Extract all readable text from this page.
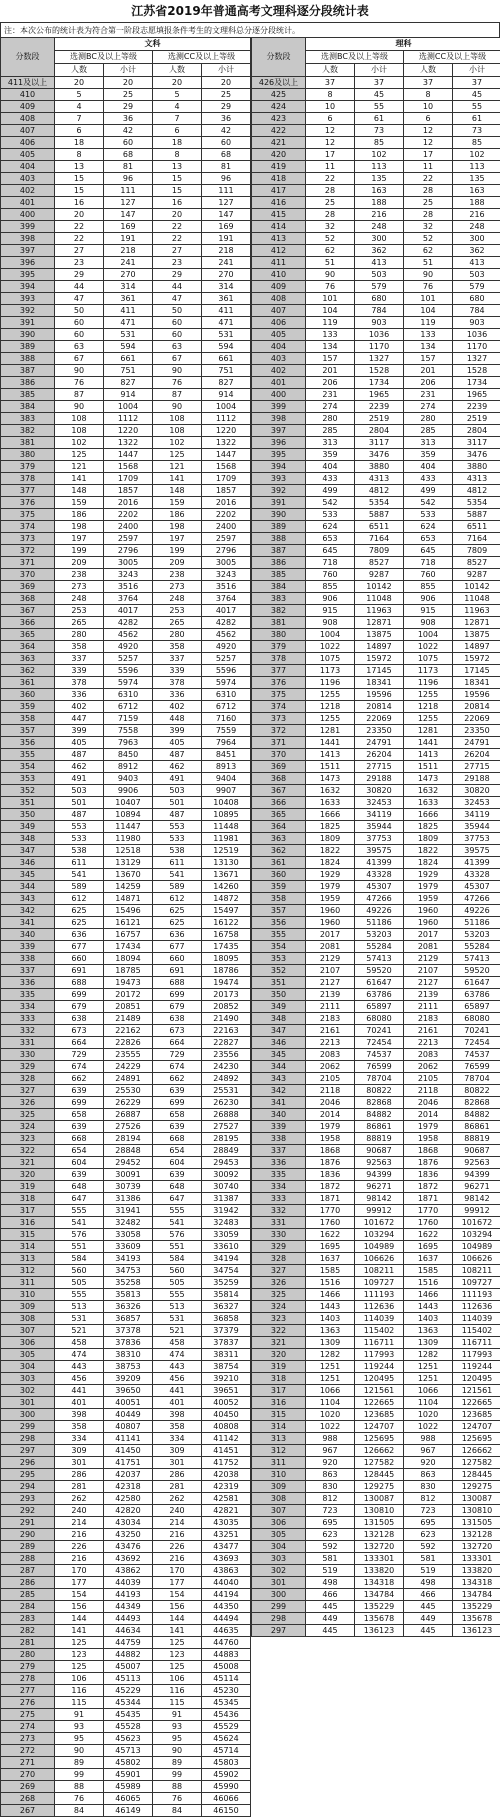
江苏省2019年普通高考文理科逐分段统计表
注：本次公布的统计表为符合第一阶段志愿填报条件考生的文理科总分逐分段统计。
分数段	文科			
	选测BC及以上等级		选测CC及以上等级	
	人数	小计	人数	小计
411及以上	20	20	20	20
410	5	25	5	25
409	4	29	4	29
408	7	36	7	36
407	6	42	6	42
406	18	60	18	60
405	8	68	8	68
404	13	81	13	81
403	15	96	15	96
402	15	111	15	111
401	16	127	16	127
400	20	147	20	147
399	22	169	22	169
398	22	191	22	191
397	27	218	27	218
396	23	241	23	241
395	29	270	29	270
394	44	314	44	314
393	47	361	47	361
392	50	411	50	411
391	60	471	60	471
390	60	531	60	531
389	63	594	63	594
388	67	661	67	661
387	90	751	90	751
386	76	827	76	827
385	87	914	87	914
384	90	1004	90	1004
383	108	1112	108	1112
382	108	1220	108	1220
381	102	1322	102	1322
380	125	1447	125	1447
379	121	1568	121	1568
378	141	1709	141	1709
377	148	1857	148	1857
376	159	2016	159	2016
375	186	2202	186	2202
374	198	2400	198	2400
373	197	2597	197	2597
372	199	2796	199	2796
371	209	3005	209	3005
370	238	3243	238	3243
369	273	3516	273	3516
368	248	3764	248	3764
367	253	4017	253	4017
366	265	4282	265	4282
365	280	4562	280	4562
364	358	4920	358	4920
363	337	5257	337	5257
362	339	5596	339	5596
361	378	5974	378	5974
360	336	6310	336	6310
359	402	6712	402	6712
358	447	7159	448	7160
357	399	7558	399	7559
356	405	7963	405	7964
355	487	8450	487	8451
354	462	8912	462	8913
353	491	9403	491	9404
352	503	9906	503	9907
351	501	10407	501	10408
350	487	10894	487	10895
349	553	11447	553	11448
348	533	11980	533	11981
347	538	12518	538	12519
346	611	13129	611	13130
345	541	13670	541	13671
344	589	14259	589	14260
343	612	14871	612	14872
342	625	15496	625	15497
341	625	16121	625	16122
340	636	16757	636	16758
339	677	17434	677	17435
338	660	18094	660	18095
337	691	18785	691	18786
336	688	19473	688	19474
335	699	20172	699	20173
334	679	20851	679	20852
333	638	21489	638	21490
332	673	22162	673	22163
331	664	22826	664	22827
330	729	23555	729	23556
329	674	24229	674	24230
328	662	24891	662	24892
327	639	25530	639	25531
326	699	26229	699	26230
325	658	26887	658	26888
324	639	27526	639	27527
323	668	28194	668	28195
322	654	28848	654	28849
321	604	29452	604	29453
320	639	30091	639	30092
319	648	30739	648	30740
318	647	31386	647	31387
317	555	31941	555	31942
316	541	32482	541	32483
315	576	33058	576	33059
314	551	33609	551	33610
313	584	34193	584	34194
312	560	34753	560	34754
311	505	35258	505	35259
310	555	35813	555	35814
309	513	36326	513	36327
308	531	36857	531	36858
307	521	37378	521	37379
306	458	37836	458	37837
305	474	38310	474	38311
304	443	38753	443	38754
303	456	39209	456	39210
302	441	39650	441	39651
301	401	40051	401	40052
300	398	40449	398	40450
299	358	40807	358	40808
298	334	41141	334	41142
297	309	41450	309	41451
296	301	41751	301	41752
295	286	42037	286	42038
294	281	42318	281	42319
293	262	42580	262	42581
292	240	42820	240	42821
291	214	43034	214	43035
290	216	43250	216	43251
289	226	43476	226	43477
288	216	43692	216	43693
287	170	43862	170	43863
286	177	44039	177	44040
285	154	44193	154	44194
284	156	44349	156	44350
283	144	44493	144	44494
282	141	44634	141	44635
281	125	44759	125	44760
280	123	44882	123	44883
279	125	45007	125	45008
278	106	45113	106	45114
277	116	45229	116	45230
276	115	45344	115	45345
275	91	45435	91	45436
274	93	45528	93	45529
273	95	45623	95	45624
272	90	45713	90	45714
271	89	45802	89	45803
270	99	45901	99	45902
269	88	45989	88	45990
268	76	46065	76	46066
267	84	46149	84	46150
分数段	理科			
	选测BC及以上等级		选测CC及以上等级	
	人数	小计	人数	小计
426及以上	37	37	37	37
425	8	45	8	45
424	10	55	10	55
423	6	61	6	61
422	12	73	12	73
421	12	85	12	85
420	17	102	17	102
419	11	113	11	113
418	22	135	22	135
417	28	163	28	163
416	25	188	25	188
415	28	216	28	216
414	32	248	32	248
413	52	300	52	300
412	62	362	62	362
411	51	413	51	413
410	90	503	90	503
409	76	579	76	579
408	101	680	101	680
407	104	784	104	784
406	119	903	119	903
405	133	1036	133	1036
404	134	1170	134	1170
403	157	1327	157	1327
402	201	1528	201	1528
401	206	1734	206	1734
400	231	1965	231	1965
399	274	2239	274	2239
398	280	2519	280	2519
397	285	2804	285	2804
396	313	3117	313	3117
395	359	3476	359	3476
394	404	3880	404	3880
393	433	4313	433	4313
392	499	4812	499	4812
391	542	5354	542	5354
390	533	5887	533	5887
389	624	6511	624	6511
388	653	7164	653	7164
387	645	7809	645	7809
386	718	8527	718	8527
385	760	9287	760	9287
384	855	10142	855	10142
383	906	11048	906	11048
382	915	11963	915	11963
381	908	12871	908	12871
380	1004	13875	1004	13875
379	1022	14897	1022	14897
378	1075	15972	1075	15972
377	1173	17145	1173	17145
376	1196	18341	1196	18341
375	1255	19596	1255	19596
374	1218	20814	1218	20814
373	1255	22069	1255	22069
372	1281	23350	1281	23350
371	1441	24791	1441	24791
370	1413	26204	1413	26204
369	1511	27715	1511	27715
368	1473	29188	1473	29188
367	1632	30820	1632	30820
366	1633	32453	1633	32453
365	1666	34119	1666	34119
364	1825	35944	1825	35944
363	1809	37753	1809	37753
362	1822	39575	1822	39575
361	1824	41399	1824	41399
360	1929	43328	1929	43328
359	1979	45307	1979	45307
358	1959	47266	1959	47266
357	1960	49226	1960	49226
356	1960	51186	1960	51186
355	2017	53203	2017	53203
354	2081	55284	2081	55284
353	2129	57413	2129	57413
352	2107	59520	2107	59520
351	2127	61647	2127	61647
350	2139	63786	2139	63786
349	2111	65897	2111	65897
348	2183	68080	2183	68080
347	2161	70241	2161	70241
346	2213	72454	2213	72454
345	2083	74537	2083	74537
344	2062	76599	2062	76599
343	2105	78704	2105	78704
342	2118	80822	2118	80822
341	2046	82868	2046	82868
340	2014	84882	2014	84882
339	1979	86861	1979	86861
338	1958	88819	1958	88819
337	1868	90687	1868	90687
336	1876	92563	1876	92563
335	1836	94399	1836	94399
334	1872	96271	1872	96271
333	1871	98142	1871	98142
332	1770	99912	1770	99912
331	1760	101672	1760	101672
330	1622	103294	1622	103294
329	1695	104989	1695	104989
328	1637	106626	1637	106626
327	1585	108211	1585	108211
326	1516	109727	1516	109727
325	1466	111193	1466	111193
324	1443	112636	1443	112636
323	1403	114039	1403	114039
322	1363	115402	1363	115402
321	1309	116711	1309	116711
320	1282	117993	1282	117993
319	1251	119244	1251	119244
318	1251	120495	1251	120495
317	1066	121561	1066	121561
316	1104	122665	1104	122665
315	1020	123685	1020	123685
314	1022	124707	1022	124707
313	988	125695	988	125695
312	967	126662	967	126662
311	920	127582	920	127582
310	863	128445	863	128445
309	830	129275	830	129275
308	812	130087	812	130087
307	723	130810	723	130810
306	695	131505	695	131505
305	623	132128	623	132128
304	592	132720	592	132720
303	581	133301	581	133301
302	519	133820	519	133820
301	498	134318	498	134318
300	466	134784	466	134784
299	445	135229	445	135229
298	449	135678	449	135678
297	445	136123	445	136123
